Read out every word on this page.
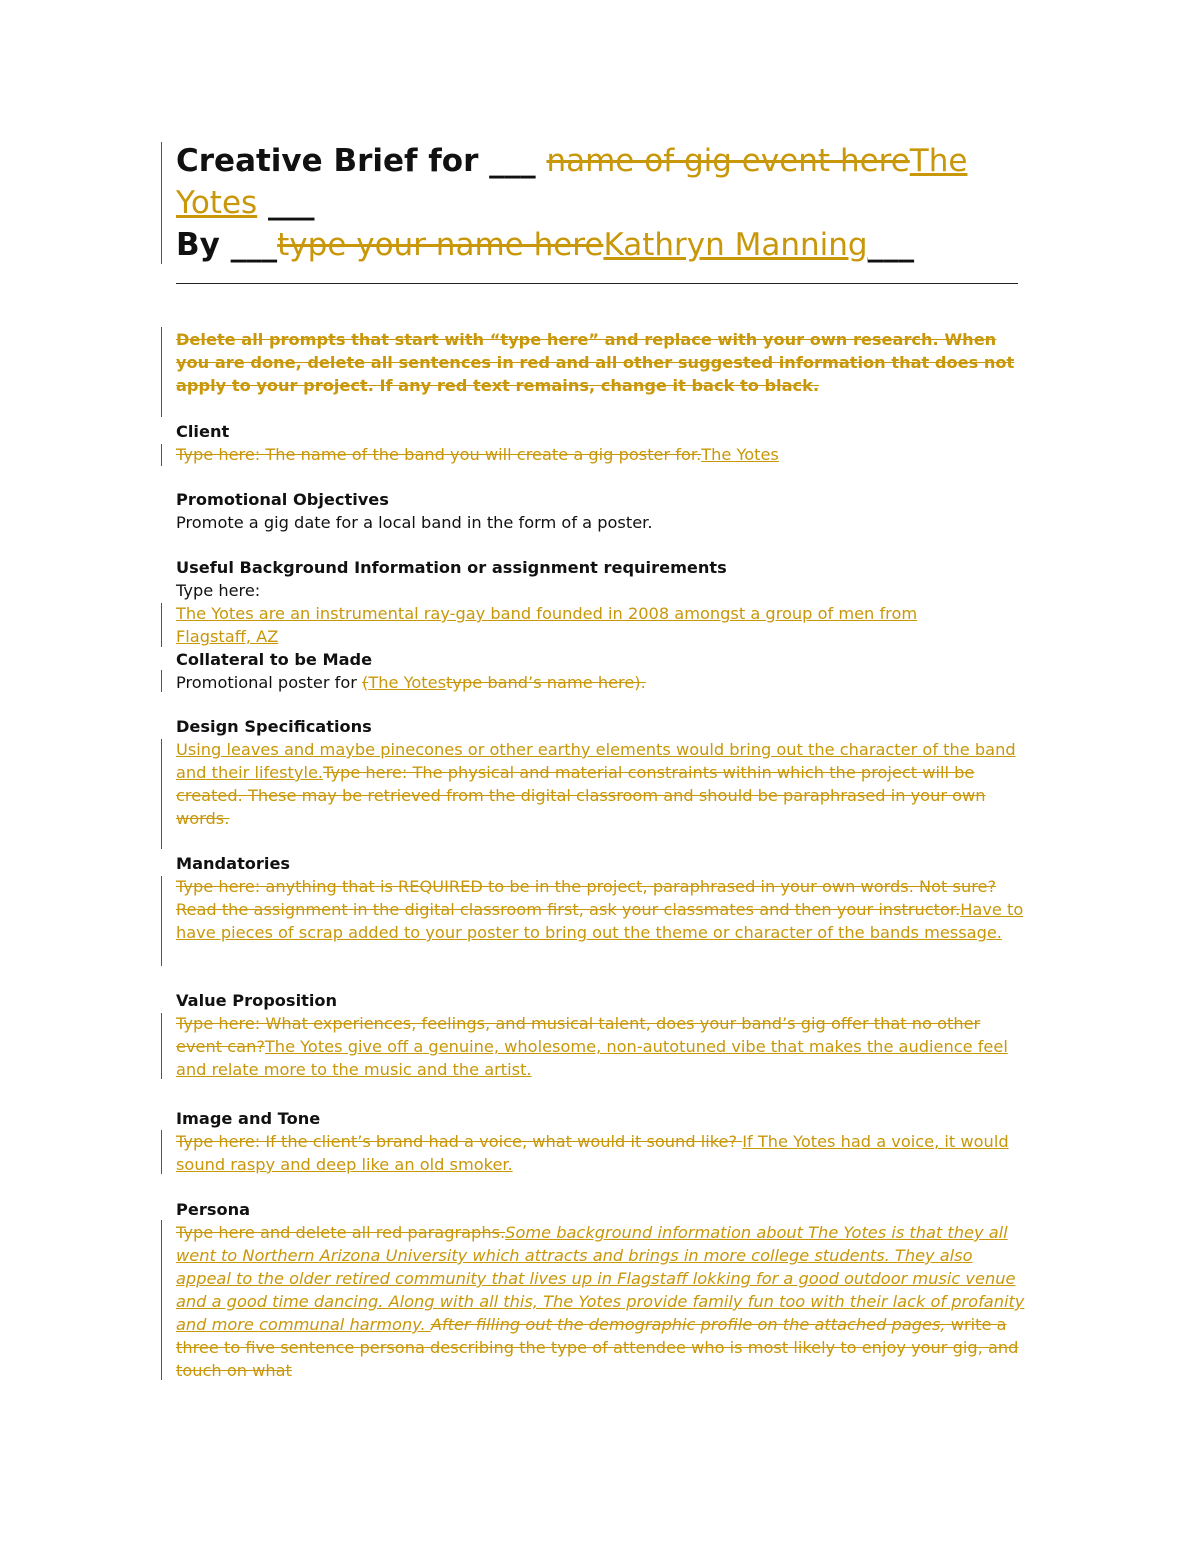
Creative Brief for ___ name of gig event hereThe Yotes ___
By ___type your name hereKathryn Manning___
Delete all prompts that start with “type here” and replace with your own research. When you are done, delete all sentences in red and all other suggested information that does not apply to your project. If any red text remains, change it back to black.
Client
Type here: The name of the band you will create a gig poster for.The Yotes
Promotional Objectives
Promote a gig date for a local band in the form of a poster.
Useful Background Information or assignment requirements
Type here:
The Yotes are an instrumental ray-gay band founded in 2008 amongst a group of men from Flagstaff, AZ
Collateral to be Made
Promotional poster for (The Yotestype band’s name here).
Design Specifications
Using leaves and maybe pinecones or other earthy elements would bring out the character of the band and their lifestyle.Type here: The physical and material constraints within which the project will be created. These may be retrieved from the digital classroom and should be paraphrased in your own words.
Mandatories
Type here: anything that is REQUIRED to be in the project, paraphrased in your own words. Not sure? Read the assignment in the digital classroom first, ask your classmates and then your instructor.Have to have pieces of scrap added to your poster to bring out the theme or character of the bands message.
Value Proposition
Type here: What experiences, feelings, and musical talent, does your band’s gig offer that no other event can?The Yotes give off a genuine, wholesome, non-autotuned vibe that makes the audience feel and relate more to the music and the artist.
Image and Tone
Type here: If the client’s brand had a voice, what would it sound like? If The Yotes had a voice, it would sound raspy and deep like an old smoker.
Persona
Type here and delete all red paragraphs.Some background information about The Yotes is that they all went to Northern Arizona University which attracts and brings in more college students. They also appeal to the older retired community that lives up in Flagstaff lokking for a good outdoor music venue and a good time dancing. Along with all this, The Yotes provide family fun too with their lack of profanity and more communal harmony. After filling out the demographic profile on the attached pages, write a three to five sentence persona describing the type of attendee who is most likely to enjoy your gig, and touch on what
